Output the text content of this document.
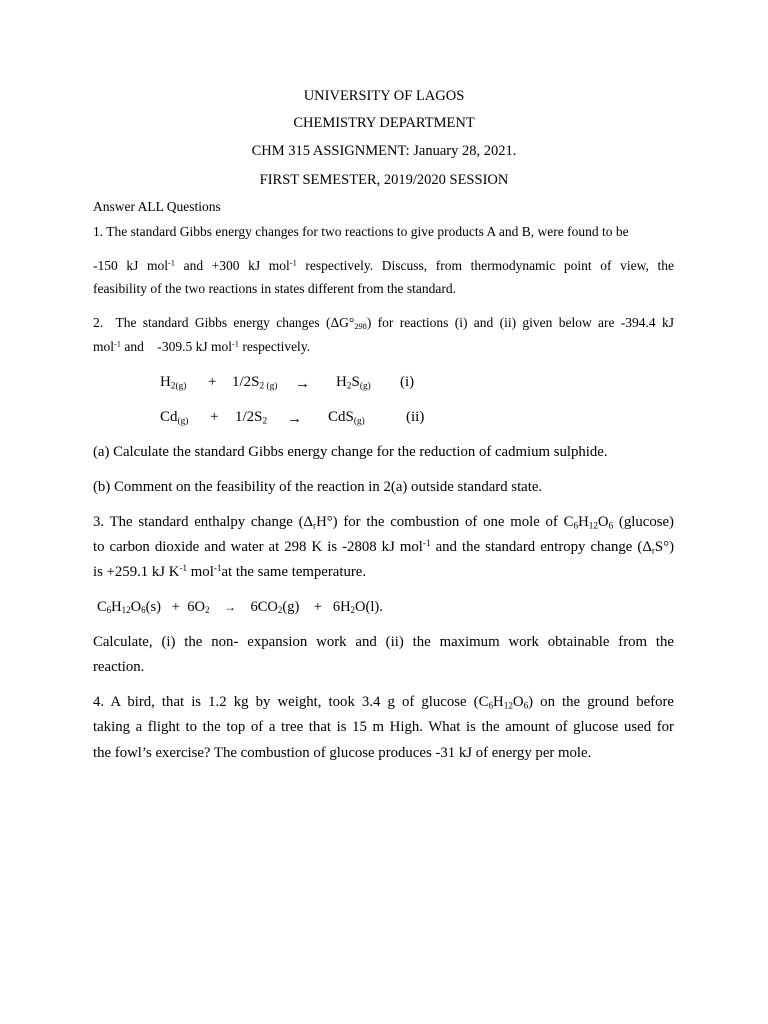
UNIVERSITY OF LAGOS
CHEMISTRY DEPARTMENT
CHM 315 ASSIGNMENT: January 28, 2021.
FIRST SEMESTER, 2019/2020 SESSION
Answer ALL Questions
1. The standard Gibbs energy changes for two reactions to give products A and B, were found to be
-150 kJ mol$^{-1}$ and +300 kJ mol$^{-1}$ respectively. Discuss, from thermodynamic point of view, the
feasibility of the two reactions in states different from the standard.
2. The standard Gibbs energy changes $(\Delta G^\circ_{298})$ for reactions (i) and (ii) given below are -394.4 kJ
mol$^{-1}$ and -309.5 kJ mol$^{-1}$ respectively.
$H_{2(g)} + 1/2S_{2 (g)} \to H_2S_{(g)}$ (i)
$Cd_{(g)} + 1/2S_2 \to CdS_{(g)}$	(ii)
(a) Calculate the standard Gibbs energy change for the reduction of cadmium sulphide.
(b) Comment on the feasibility of the reaction in 2(a) outside standard state.
3. The standard enthalpy change $(\Delta_rH^\circ)$ for the combustion of one mole of $C_6H_{12}O_6$ (glucose)
to carbon dioxide and water at 298 K is -2808 kJ mol$^{-1}$ and the standard entropy change $(\Delta_rS^\circ)$
is +259.1 kJ $K^{-1}$ mol$^{-1}$at the same temperature.
$C_6H_{12}O_6(s) + 6O_2 \to 6CO_2(g)$    +   $6H_2O(l)$.
Calculate, (i) the non- expansion work and (ii) the maximum work obtainable from the
reaction.
4. A bird, that is 1.2 kg by weight, took 3.4 g of glucose $(C_6H_{12}O_6)$ on the ground before
taking a flight to the top of a tree that is 15 m High. What is the amount of glucose used for
the fowl’s exercise? The combustion of glucose produces -31 kJ of energy per mole.
